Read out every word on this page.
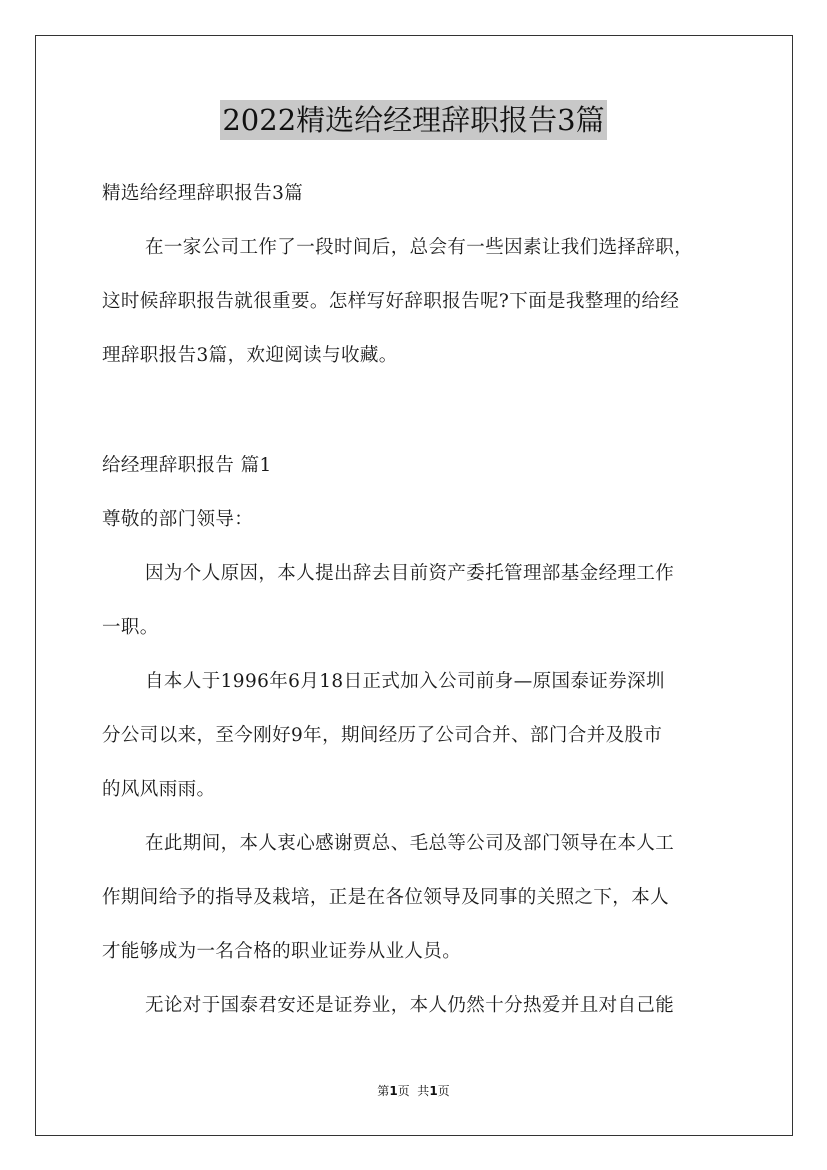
2022精选给经理辞职报告3篇
精选给经理辞职报告3篇
在一家公司工作了一段时间后，总会有一些因素让我们选择辞职，
这时候辞职报告就很重要。怎样写好辞职报告呢?下面是我整理的给经
理辞职报告3篇，欢迎阅读与收藏。
给经理辞职报告 篇1
尊敬的部门领导：
因为个人原因，本人提出辞去目前资产委托管理部基金经理工作
一职。
自本人于1996年6月18日正式加入公司前身—原国泰证券深圳
分公司以来，至今刚好9年，期间经历了公司合并、部门合并及股市
的风风雨雨。
在此期间，本人衷心感谢贾总、毛总等公司及部门领导在本人工
作期间给予的指导及栽培，正是在各位领导及同事的关照之下，本人
才能够成为一名合格的职业证券从业人员。
无论对于国泰君安还是证券业，本人仍然十分热爱并且对自己能
第1页  共1页
